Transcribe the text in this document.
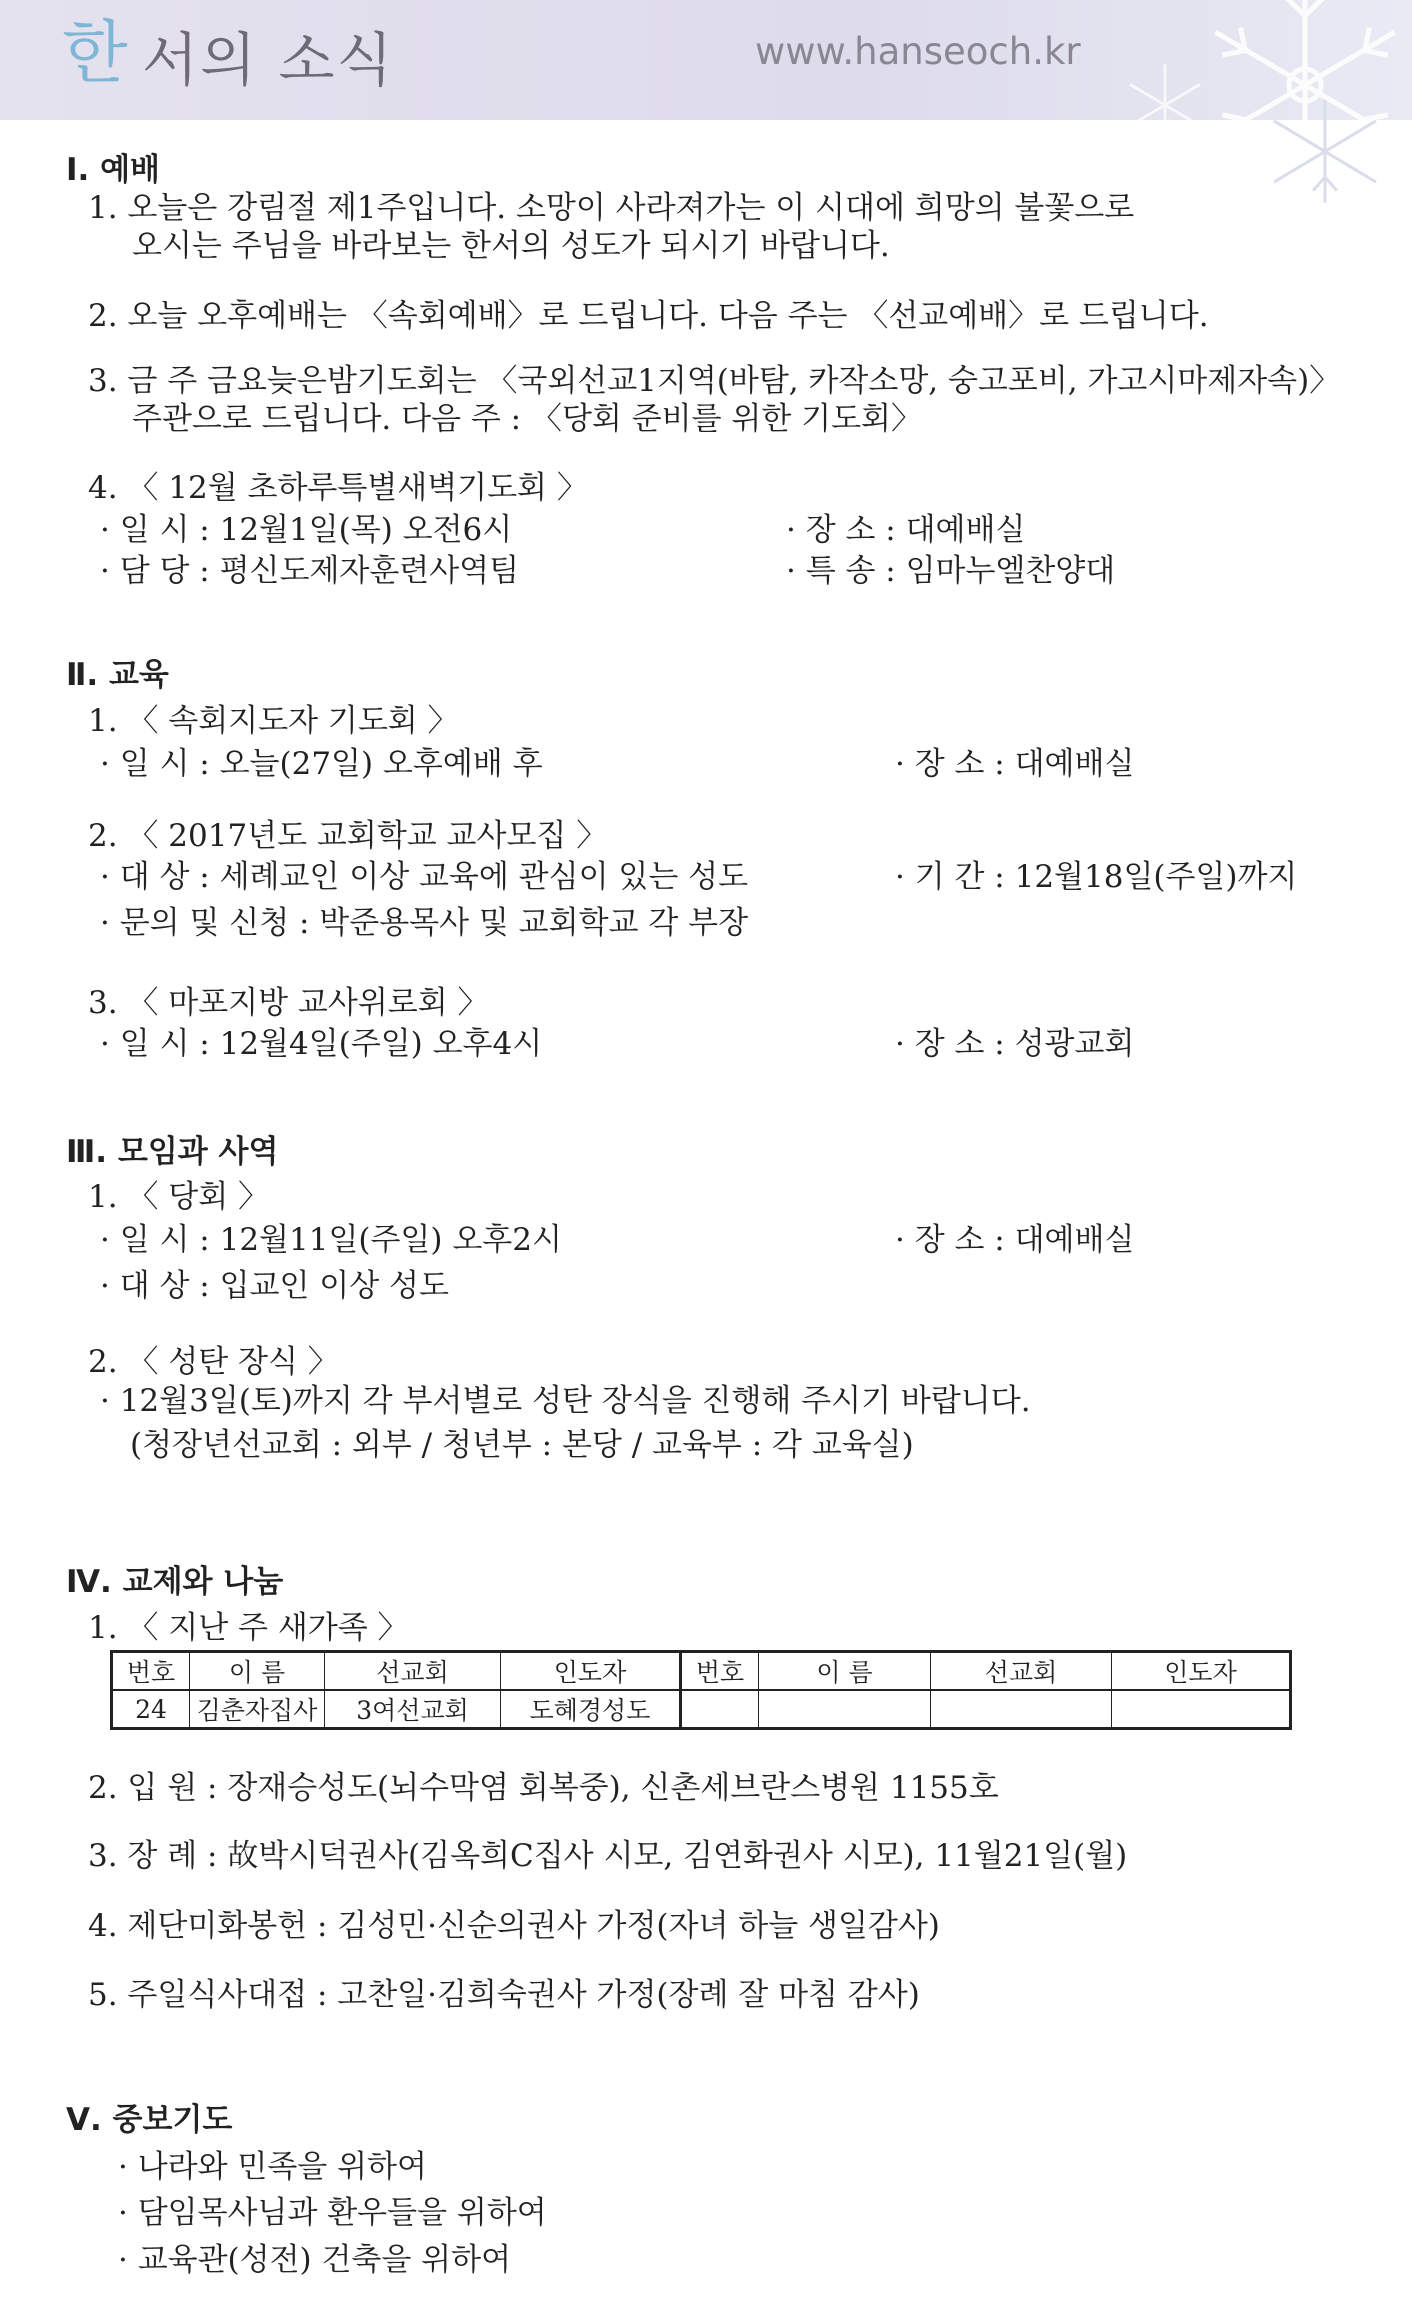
한 서의 소식	www.hanseoch.kr
Ⅰ. 예배
1. 오늘은 강림절 제1주입니다. 소망이 사라져가는 이 시대에 희망의 불꽃으로
오시는 주님을 바라보는 한서의 성도가 되시기 바랍니다.
2. 오늘 오후예배는 〈속회예배〉로 드립니다. 다음 주는 〈선교예배〉로 드립니다.
3. 금 주 금요늦은밤기도회는 〈국외선교1지역(바탐, 카작소망, 숭고포비, 가고시마제자속)〉
주관으로 드립니다. 다음 주 : 〈당회 준비를 위한 기도회〉
4. 〈 12월 초하루특별새벽기도회 〉
· 일 시 : 12월1일(목) 오전6시	· 장 소 : 대예배실
· 담 당 : 평신도제자훈련사역팀	· 특 송 : 임마누엘찬양대
Ⅱ. 교육
1. 〈 속회지도자 기도회 〉
· 일 시 : 오늘(27일) 오후예배 후	· 장 소 : 대예배실
2. 〈 2017년도 교회학교 교사모집 〉
· 대 상 : 세례교인 이상 교육에 관심이 있는 성도	· 기 간 : 12월18일(주일)까지
· 문의 및 신청 : 박준용목사 및 교회학교 각 부장
3. 〈 마포지방 교사위로회 〉
· 일 시 : 12월4일(주일) 오후4시	· 장 소 : 성광교회
Ⅲ. 모임과 사역
1. 〈 당회 〉
· 일 시 : 12월11일(주일) 오후2시	· 장 소 : 대예배실
· 대 상 : 입교인 이상 성도
2. 〈 성탄 장식 〉
· 12월3일(토)까지 각 부서별로 성탄 장식을 진행해 주시기 바랍니다.
(청장년선교회 : 외부 / 청년부 : 본당 / 교육부 : 각 교육실)
Ⅳ. 교제와 나눔
1. 〈 지난 주 새가족 〉
번호	이 름	선교회	인도자	번호	이 름	선교회	인도자
24	김춘자집사	3여선교회	도혜경성도				
2. 입 원 : 장재승성도(뇌수막염 회복중), 신촌세브란스병원 1155호
3. 장 례 : 故박시덕권사(김옥희C집사 시모, 김연화권사 시모), 11월21일(월)
4. 제단미화봉헌 : 김성민·신순의권사 가정(자녀 하늘 생일감사)
5. 주일식사대접 : 고찬일·김희숙권사 가정(장례 잘 마침 감사)
Ⅴ. 중보기도
· 나라와 민족을 위하여
· 담임목사님과 환우들을 위하여
· 교육관(성전) 건축을 위하여
